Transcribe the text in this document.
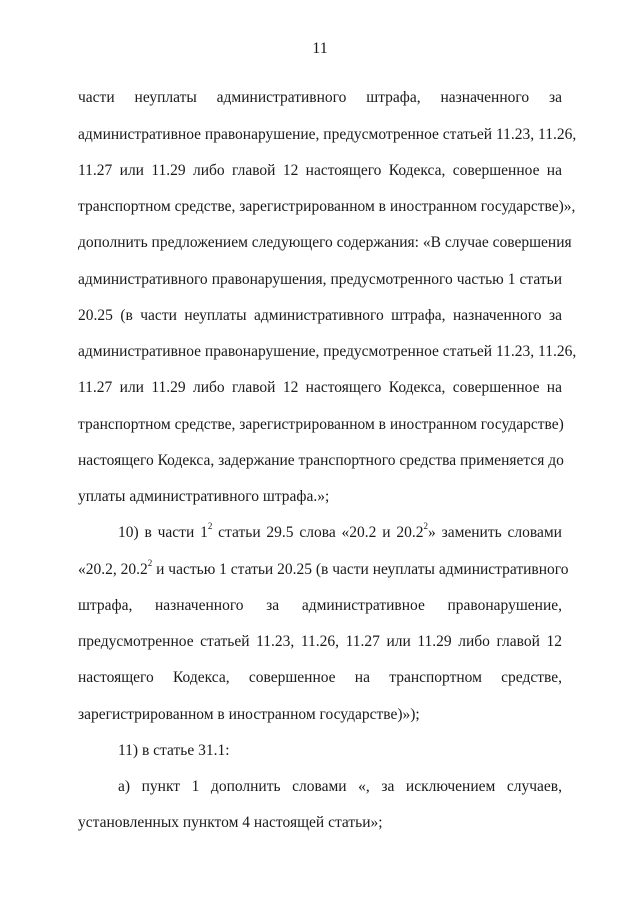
11
части неуплаты административного штрафа, назначенного за
административное правонарушение, предусмотренное статьей 11.23, 11.26,
11.27 или 11.29 либо главой 12 настоящего Кодекса, совершенное на
транспортном средстве, зарегистрированном в иностранном государстве)»,
дополнить предложением следующего содержания: «В случае совершения
административного правонарушения, предусмотренного частью 1 статьи
20.25 (в части неуплаты административного штрафа, назначенного за
административное правонарушение, предусмотренное статьей 11.23, 11.26,
11.27 или 11.29 либо главой 12 настоящего Кодекса, совершенное на
транспортном средстве, зарегистрированном в иностранном государстве)
настоящего Кодекса, задержание транспортного средства применяется до
уплаты административного штрафа.»;
10) в части $1^2$ статьи 29.5 слова «20.2 и 20.2$^2$» заменить словами
«20.2, 20.2$^2$ и частью 1 статьи 20.25 (в части неуплаты административного
штрафа, назначенного за административное правонарушение,
предусмотренное статьей 11.23, 11.26, 11.27 или 11.29 либо главой 12
настоящего Кодекса, совершенное на транспортном средстве,
зарегистрированном в иностранном государстве)»);
11) в статье 31.1:
а) пункт 1 дополнить словами «, за исключением случаев,
установленных пунктом 4 настоящей статьи»;
